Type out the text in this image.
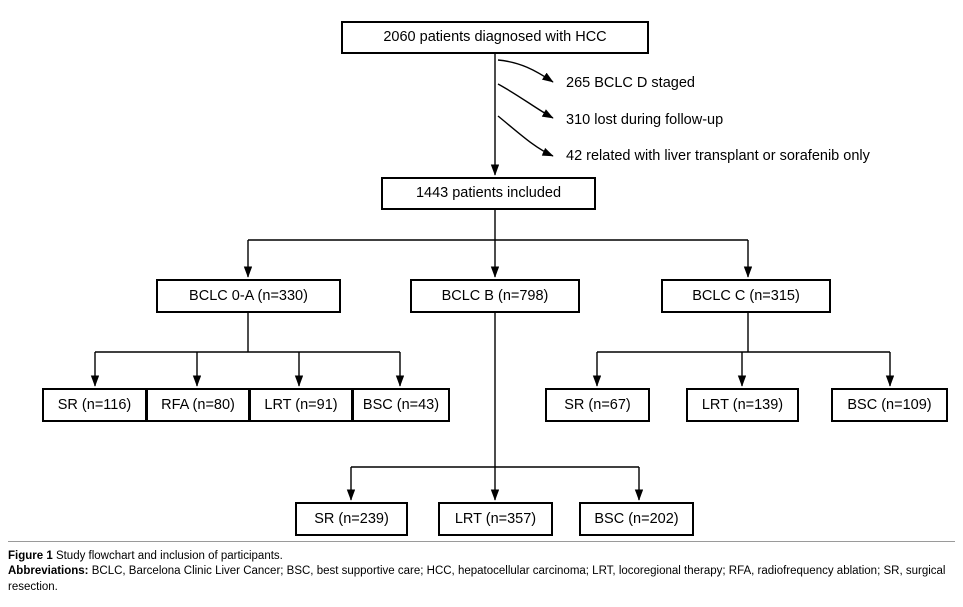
2060 patients diagnosed with HCC
265 BCLC D staged
310 lost during follow-up
42 related with liver transplant or sorafenib only
1443 patients included
BCLC 0-A (n=330)	BCLC B (n=798)	BCLC C (n=315)
SR (n=116)	RFA (n=80)	LRT (n=91)	BSC (n=43)	SR (n=67)	LRT (n=139)	BSC (n=109)
SR (n=239)	LRT (n=357)	BSC (n=202)
Figure 1 Study flowchart and inclusion of participants.
Abbreviations: BCLC, Barcelona Clinic Liver Cancer; BSC, best supportive care; HCC, hepatocellular carcinoma; LRT, locoregional therapy; RFA, radiofrequency ablation; SR, surgical resection.
